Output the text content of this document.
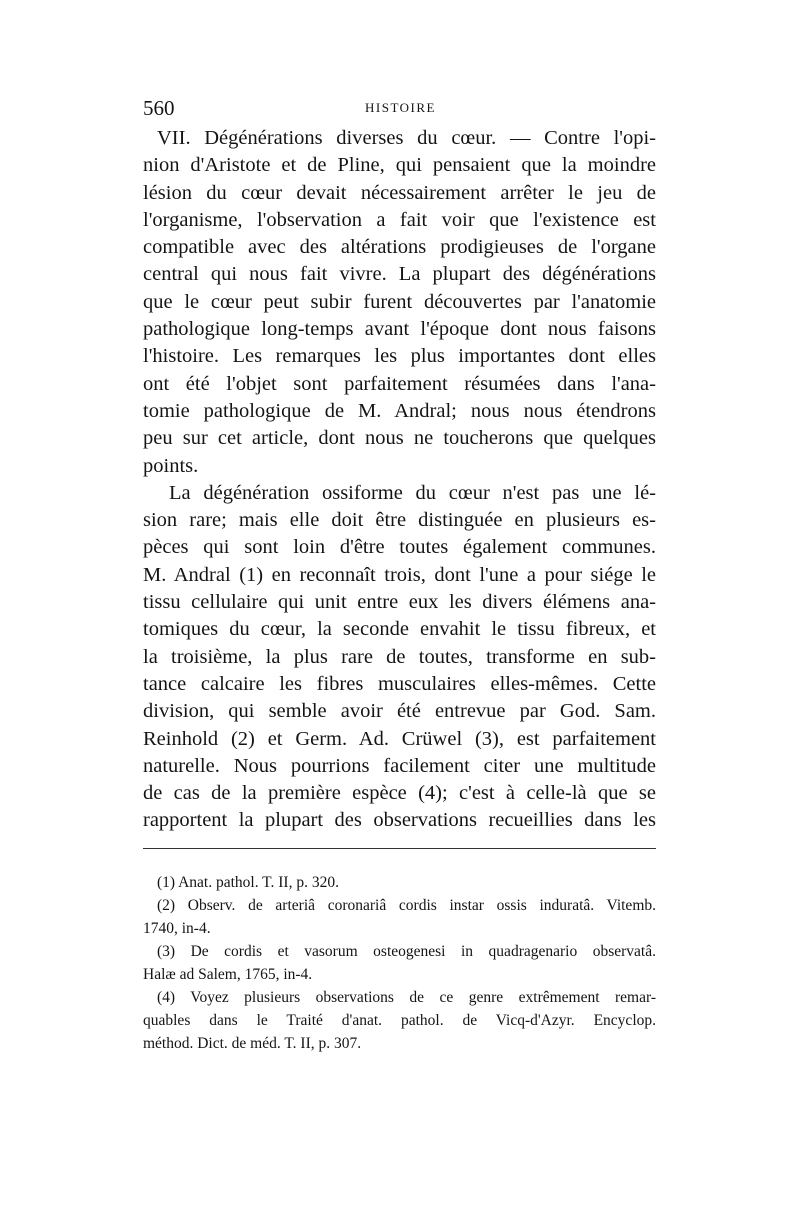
560	HISTOIRE
VII. Dégénérations diverses du cœur. — Contre l'opi-
nion d'Aristote et de Pline, qui pensaient que la moindre
lésion du cœur devait nécessairement arrêter le jeu de
l'organisme, l'observation a fait voir que l'existence est
compatible avec des altérations prodigieuses de l'organe
central qui nous fait vivre. La plupart des dégénérations
que le cœur peut subir furent découvertes par l'anatomie
pathologique long-temps avant l'époque dont nous faisons
l'histoire. Les remarques les plus importantes dont elles
ont été l'objet sont parfaitement résumées dans l'ana-
tomie pathologique de M. Andral; nous nous étendrons
peu sur cet article, dont nous ne toucherons que quelques
points.
La dégénération ossiforme du cœur n'est pas une lé-
sion rare; mais elle doit être distinguée en plusieurs es-
pèces qui sont loin d'être toutes également communes.
M. Andral (1) en reconnaît trois, dont l'une a pour siége le
tissu cellulaire qui unit entre eux les divers élémens ana-
tomiques du cœur, la seconde envahit le tissu fibreux, et
la troisième, la plus rare de toutes, transforme en sub-
tance calcaire les fibres musculaires elles-mêmes. Cette
division, qui semble avoir été entrevue par God. Sam.
Reinhold (2) et Germ. Ad. Crüwel (3), est parfaitement
naturelle. Nous pourrions facilement citer une multitude
de cas de la première espèce (4); c'est à celle-là que se
rapportent la plupart des observations recueillies dans les
(1) Anat. pathol. T. II, p. 320.
(2) Observ. de arteriâ coronariâ cordis instar ossis induratâ. Vitemb.
1740, in-4.
(3) De cordis et vasorum osteogenesi in quadragenario observatâ.
Halæ ad Salem, 1765, in-4.
(4) Voyez plusieurs observations de ce genre extrêmement remar-
quables dans le Traité d'anat. pathol. de Vicq-d'Azyr. Encyclop.
méthod. Dict. de méd. T. II, p. 307.
